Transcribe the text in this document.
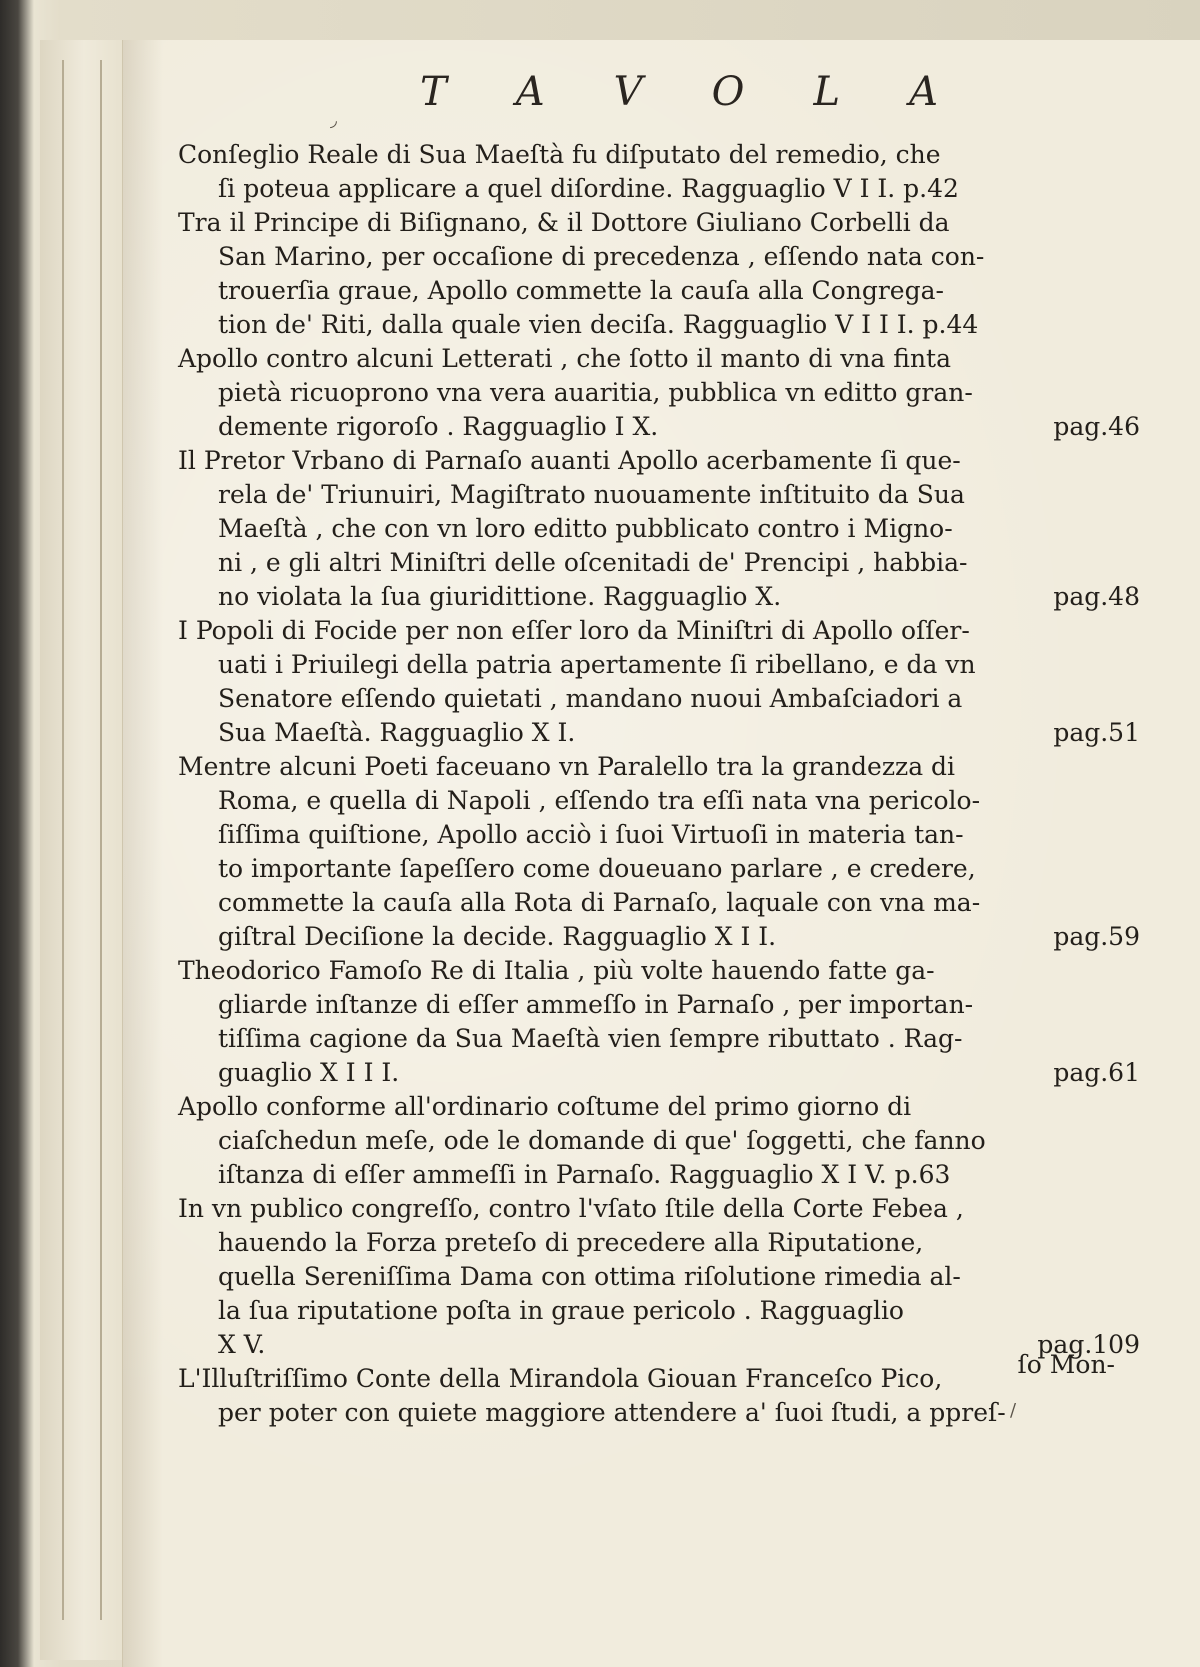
T A V O L A
Conſeglio Reale di Sua Maeſtà fu diſputato del remedio, che
ſi poteua applicare a quel diſordine. Ragguaglio V I I. p.42
Tra il Principe di Biſignano, & il Dottore Giuliano Corbelli da
San Marino, per occaſione di precedenza , eſſendo nata con-
trouerſia graue, Apollo commette la cauſa alla Congrega-
tion de' Riti, dalla quale vien deciſa. Ragguaglio V I I I. p.44
Apollo contro alcuni Letterati , che ſotto il manto di vna finta
pietà ricuoprono vna vera auaritia, pubblica vn editto gran-
demente rigoroſo . Ragguaglio I X.	pag.46
Il Pretor Vrbano di Parnaſo auanti Apollo acerbamente ſi que-
rela de' Triunuiri, Magiſtrato nuouamente inſtituito da Sua
Maeſtà , che con vn loro editto pubblicato contro i Migno-
ni , e gli altri Miniſtri delle oſcenitadi de' Prencipi , habbia-
no violata la ſua giuridittione. Ragguaglio X.	pag.48
I Popoli di Focide per non eſſer loro da Miniſtri di Apollo oſſer-
uati i Priuilegi della patria apertamente ſi ribellano, e da vn
Senatore eſſendo quietati , mandano nuoui Ambaſciadori a
Sua Maeſtà. Ragguaglio X I.	pag.51
Mentre alcuni Poeti faceuano vn Paralello tra la grandezza di
Roma, e quella di Napoli , eſſendo tra eſſi nata vna pericolo-
ſiſſima quiſtione, Apollo acciò i ſuoi Virtuoſi in materia tan-
to importante ſapeſſero come doueuano parlare , e credere,
commette la cauſa alla Rota di Parnaſo, laquale con vna ma-
giſtral Deciſione la decide. Ragguaglio X I I.	pag.59
Theodorico Famoſo Re di Italia , più volte hauendo fatte ga-
gliarde inſtanze di eſſer ammeſſo in Parnaſo , per importan-
tiſſima cagione da Sua Maeſtà vien ſempre ributtato . Rag-
guaglio X I I I.	pag.61
Apollo conforme all'ordinario coſtume del primo giorno di
ciaſchedun meſe, ode le domande di que' ſoggetti, che fanno
iſtanza di eſſer ammeſſi in Parnaſo. Ragguaglio X I V. p.63
In vn publico congreſſo, contro l'vſato ſtile della Corte Febea ,
hauendo la Forza preteſo di precedere alla Riputatione,
quella Sereniſſima Dama con ottima riſolutione rimedia al-
la ſua riputatione poſta in graue pericolo . Ragguaglio
X V.	pag.109
L'Illuſtriſſimo Conte della Mirandola Giouan Franceſco Pico,
per poter con quiete maggiore attendere a' ſuoi ſtudi, a ppreſ-
ſo Mon-
◞
/
